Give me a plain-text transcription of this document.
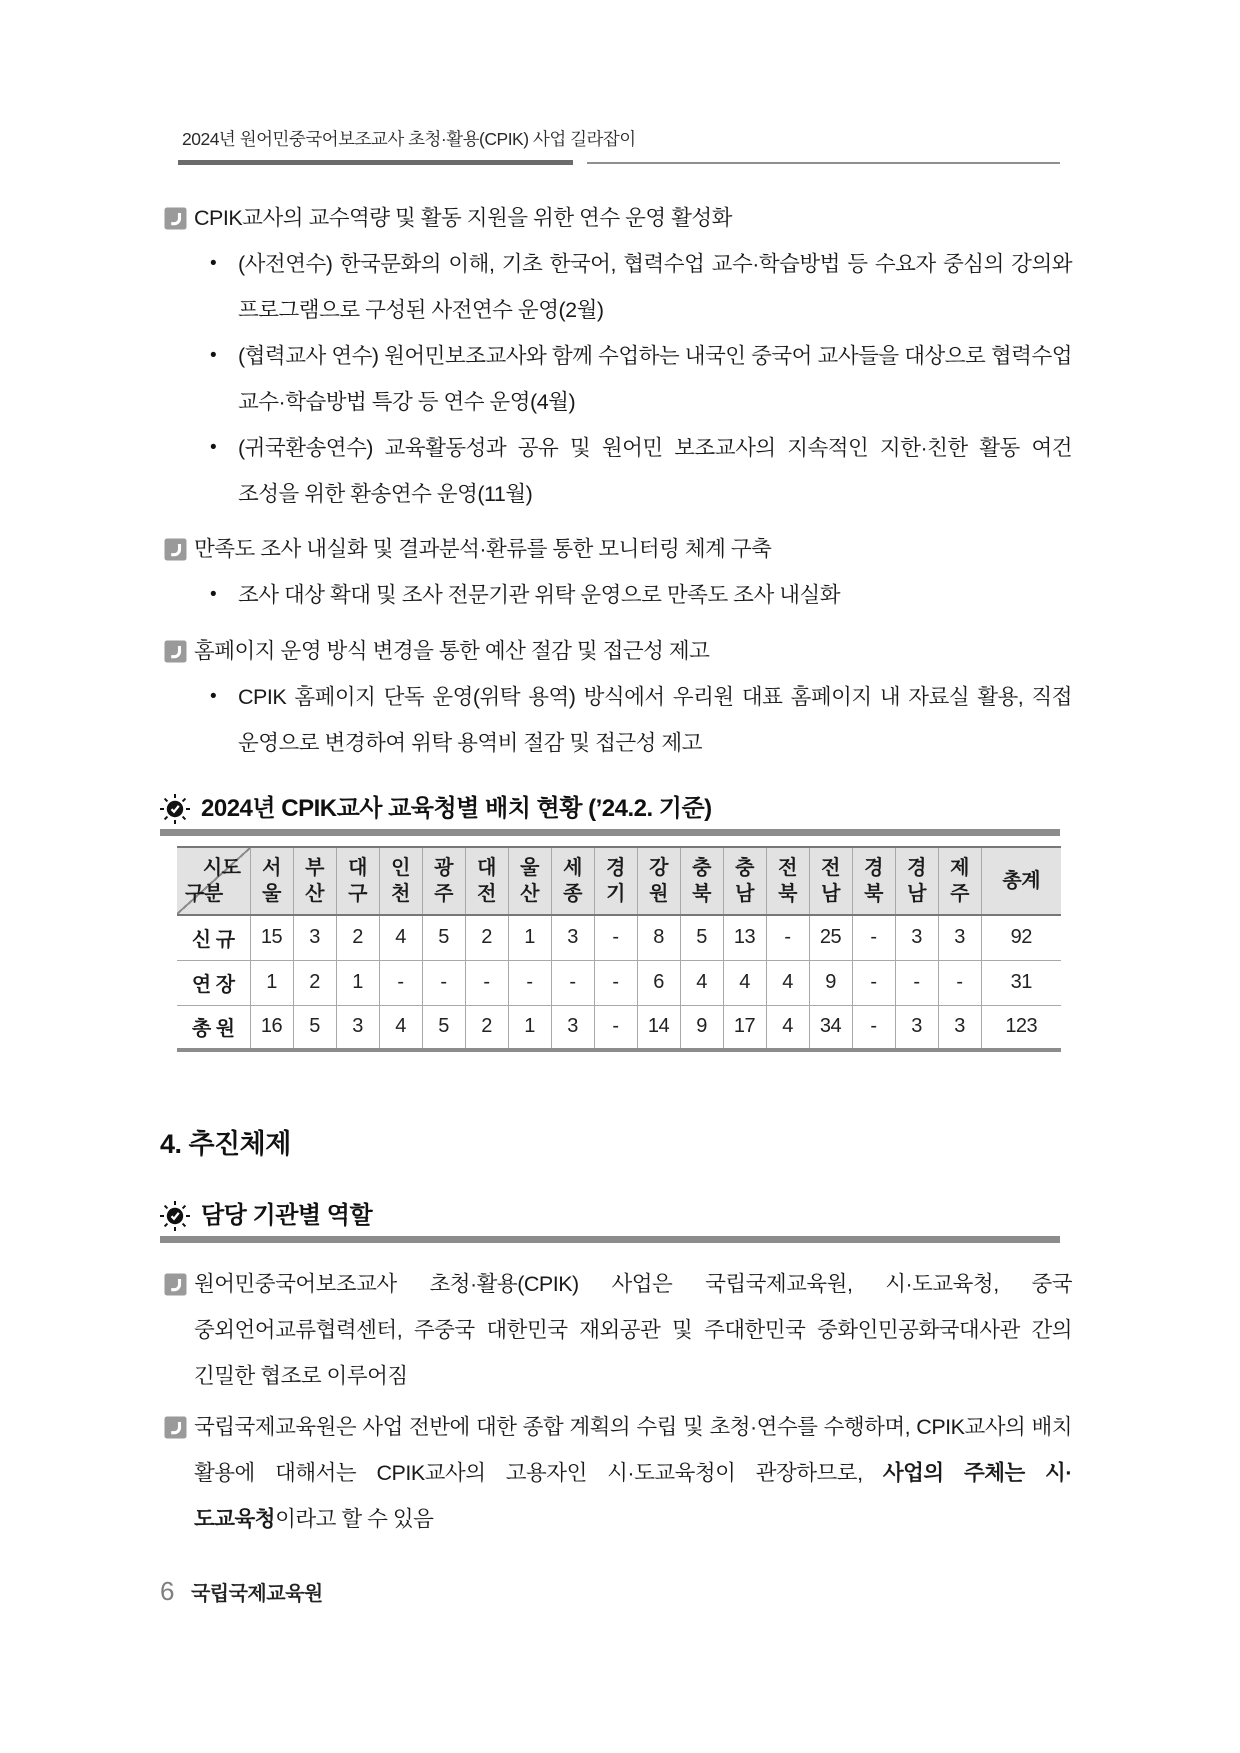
2024년 원어민중국어보조교사 초청·활용(CPIK) 사업 길라잡이
CPIK교사의 교수역량 및 활동 지원을 위한 연수 운영 활성화
•	(사전연수) 한국문화의 이해, 기초 한국어, 협력수업 교수·학습방법 등 수요자 중심의 강의와 프로그램으로 구성된 사전연수 운영(2월)
•	(협력교사 연수) 원어민보조교사와 함께 수업하는 내국인 중국어 교사들을 대상으로 협력수업 교수·학습방법 특강 등 연수 운영(4월)
•	(귀국환송연수) 교육활동성과 공유 및 원어민 보조교사의 지속적인 지한·친한 활동 여건 조성을 위한 환송연수 운영(11월)
만족도 조사 내실화 및 결과분석·환류를 통한 모니터링 체계 구축
•	조사 대상 확대 및 조사 전문기관 위탁 운영으로 만족도 조사 내실화
홈페이지 운영 방식 변경을 통한 예산 절감 및 접근성 제고
•	CPIK 홈페이지 단독 운영(위탁 용역) 방식에서 우리원 대표 홈페이지 내 자료실 활용, 직접 운영으로 변경하여 위탁 용역비 절감 및 접근성 제고
2024년 CPIK교사 교육청별 배치 현황 (’24.2. 기준)
시도
구분	서울	부산	대구	인천	광주	대전	울산	세종	경기	강원	충북	충남	전북	전남	경북	경남	제주	총계
신 규	15	3	2	4	5	2	1	3	-	8	5	13	-	25	-	3	3	92
연 장	1	2	1	-	-	-	-	-	-	6	4	4	4	9	-	-	-	31
총 원	16	5	3	4	5	2	1	3	-	14	9	17	4	34	-	3	3	123
4. 추진체제
담당 기관별 역할
원어민중국어보조교사 초청·활용(CPIK) 사업은 국립국제교육원, 시·도교육청, 중국 중외언어교류협력센터, 주중국 대한민국 재외공관 및 주대한민국 중화인민공화국대사관 간의 긴밀한 협조로 이루어짐
국립국제교육원은 사업 전반에 대한 종합 계획의 수립 및 초청·연수를 수행하며, CPIK교사의 배치 활용에 대해서는 CPIK교사의 고용자인 시·도교육청이 관장하므로, 사업의 주체는 시·도교육청이라고 할 수 있음
6 국립국제교육원
